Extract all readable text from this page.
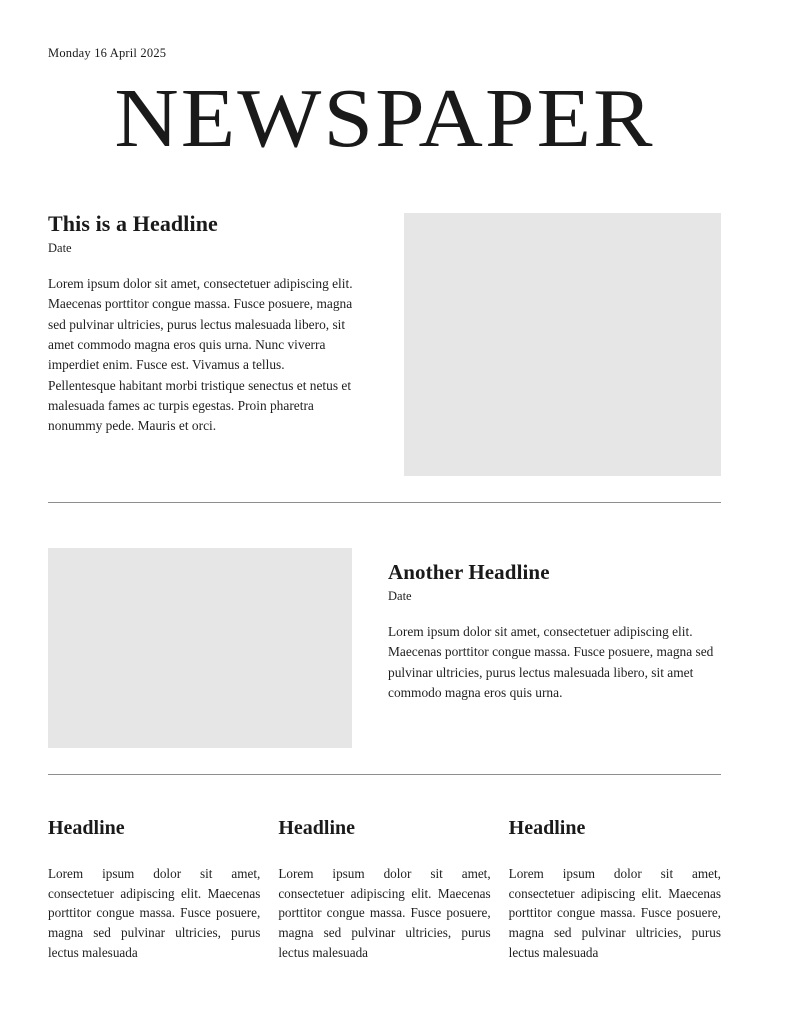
Monday 16 April 2025
NEWSPAPER
This is a Headline
Date

Lorem ipsum dolor sit amet, consectetuer adipiscing elit. Maecenas porttitor congue massa. Fusce posuere, magna sed pulvinar ultricies, purus lectus malesuada libero, sit amet commodo magna eros quis urna. Nunc viverra imperdiet enim. Fusce est. Vivamus a tellus.

Pellentesque habitant morbi tristique senectus et netus et malesuada fames ac turpis egestas. Proin pharetra nonummy pede. Mauris et orci.

Another Headline
Date

Lorem ipsum dolor sit amet, consectetuer adipiscing elit. Maecenas porttitor congue massa. Fusce posuere, magna sed pulvinar ultricies, purus lectus malesuada libero, sit amet commodo magna eros quis urna.

Headline

Lorem ipsum dolor sit amet, consectetuer adipiscing elit. Maecenas porttitor congue massa. Fusce posuere, magna sed pulvinar ultricies, purus lectus malesuada

Headline

Lorem ipsum dolor sit amet, consectetuer adipiscing elit. Maecenas porttitor congue massa. Fusce posuere, magna sed pulvinar ultricies, purus lectus malesuada

Headline

Lorem ipsum dolor sit amet, consectetuer adipiscing elit. Maecenas porttitor congue massa. Fusce posuere, magna sed pulvinar ultricies, purus lectus malesuada
